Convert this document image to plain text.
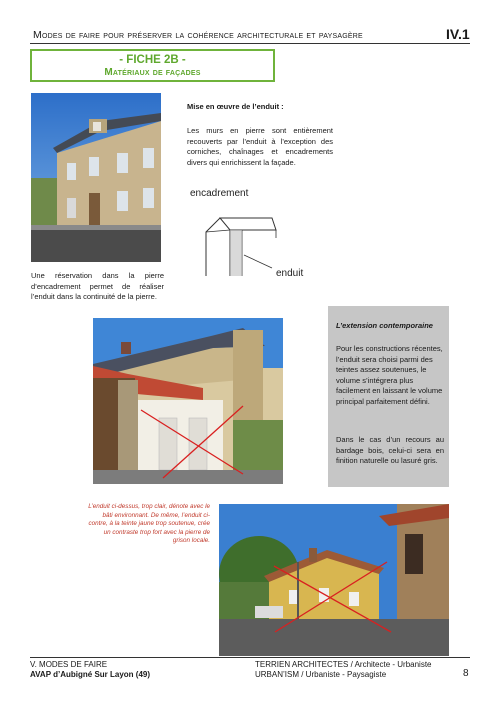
Modes de faire pour préserver la cohérence architecturale et paysagère	IV.1
- FICHE 2B -
Matériaux de façades
Mise en œuvre de l’enduit :
Les murs en pierre sont entièrement recouverts par l’enduit à l’exception des corniches, chaînages et encadrements divers qui enrichissent la façade.
encadrement
enduit
Une réservation dans la pierre d’encadrement permet de réaliser l’enduit dans la continuité de la pierre.
L’extension contemporaine
Pour les constructions récentes, l’enduit sera choisi parmi des teintes assez soutenues, le volume s’intégrera plus facilement en laissant le volume principal parfaitement défini.
Dans le cas d’un recours au bardage bois, celui-ci sera en finition naturelle ou lasuré gris.
L’enduit ci-dessus, trop clair, dénote avec le bâti environnant. De même, l’enduit ci-contre, à la teinte jaune trop soutenue, crée un contraste trop fort avec la pierre de grison locale.
V. MODES DE FAIRE
AVAP d’Aubigné Sur Layon (49)
TERRIEN ARCHITECTES / Architecte - Urbaniste
URBAN’ISM / Urbaniste - Paysagiste	8
